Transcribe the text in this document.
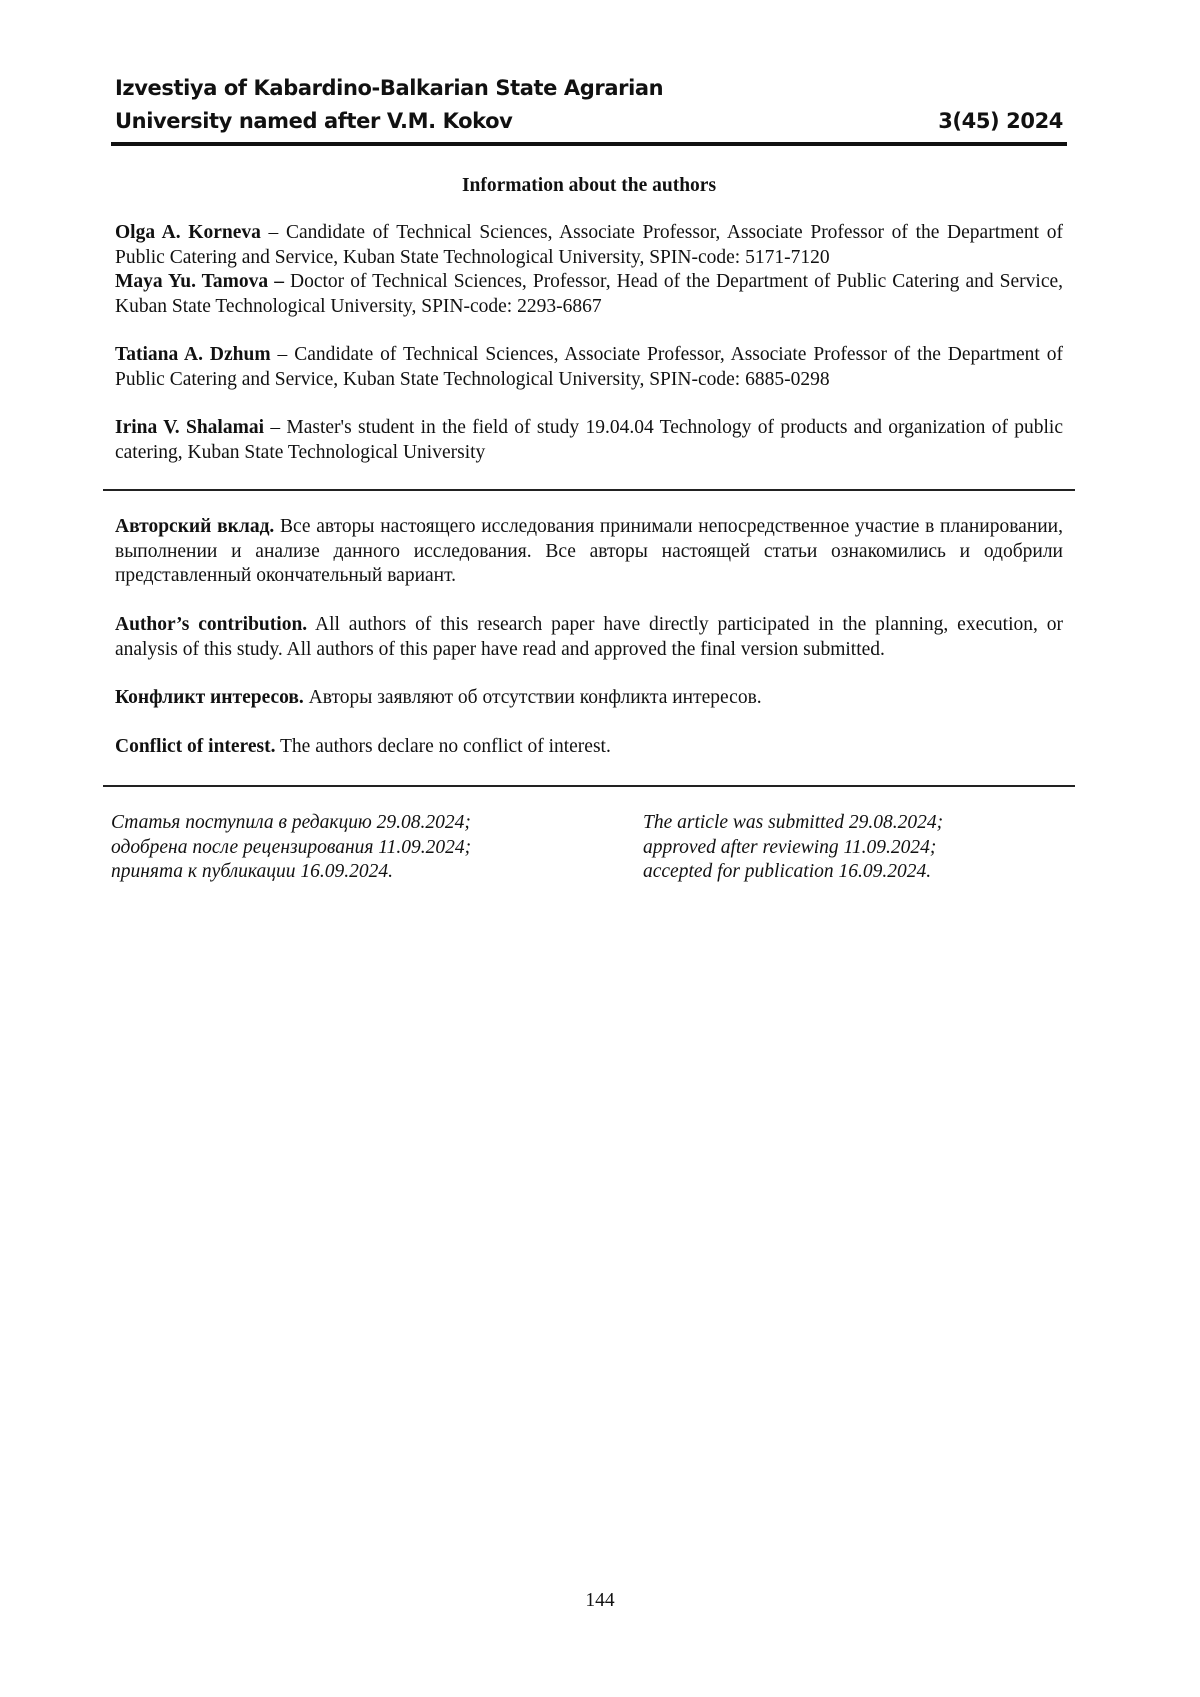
Izvestiya of Kabardino-Balkarian State Agrarian
University named after V.M. Kokov	3(45) 2024
Information about the authors

Olga A. Korneva – Candidate of Technical Sciences, Associate Professor, Associate Professor of the Department of Public Catering and Service, Kuban State Technological University, SPIN-code: 5171-7120

Maya Yu. Tamova – Doctor of Technical Sciences, Professor, Head of the Department of Public Catering and Service, Kuban State Technological University, SPIN-code: 2293-6867

Tatiana A. Dzhum – Candidate of Technical Sciences, Associate Professor, Associate Professor of the Department of Public Catering and Service, Kuban State Technological University, SPIN-code: 6885-0298

Irina V. Shalamai – Master's student in the field of study 19.04.04 Technology of products and organization of public catering, Kuban State Technological University

Авторский вклад. Все авторы настоящего исследования принимали непосредственное участие в планировании, выполнении и анализе данного исследования. Все авторы настоящей статьи ознакомились и одобрили представленный окончательный вариант.
Author’s contribution. All authors of this research paper have directly participated in the planning, execution, or analysis of this study. All authors of this paper have read and approved the final version submitted.
Конфликт интересов. Авторы заявляют об отсутствии конфликта интересов.
Conflict of interest. The authors declare no conflict of interest.
Статья поступила в редакцию 29.08.2024;
одобрена после рецензирования 11.09.2024;
принята к публикации 16.09.2024.
The article was submitted 29.08.2024;
approved after reviewing 11.09.2024;
accepted for publication 16.09.2024.
144
